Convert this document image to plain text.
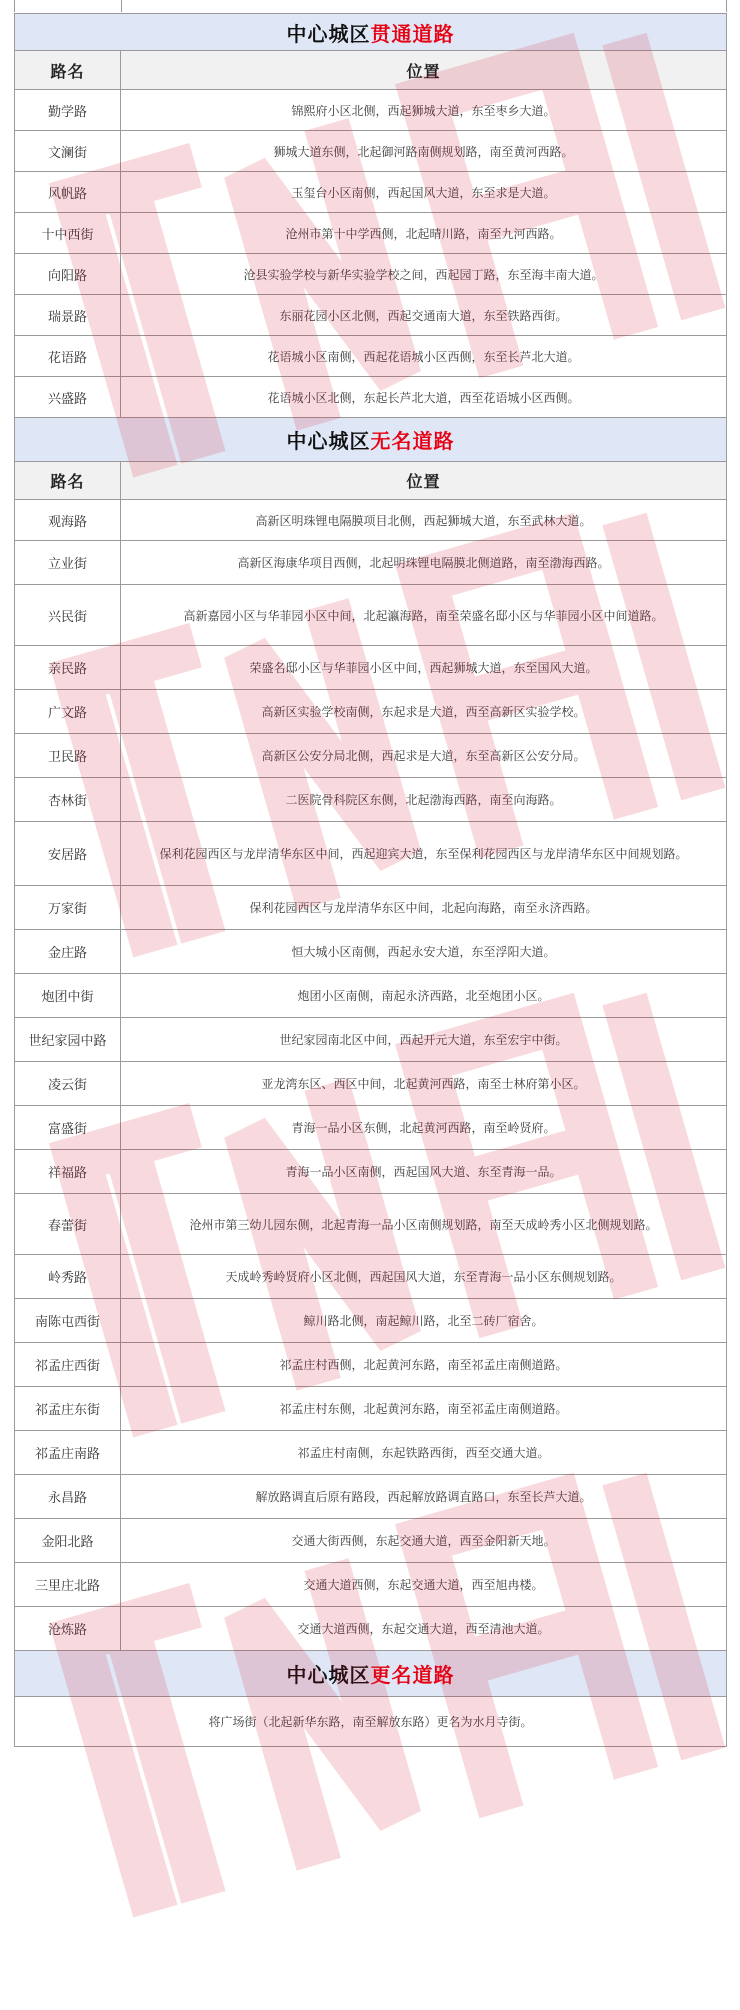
中心城区贯通道路	
路名	位置
勤学路	锦熙府小区北侧，西起狮城大道，东至枣乡大道。
文澜街	狮城大道东侧，北起御河路南侧规划路，南至黄河西路。
风帆路	玉玺台小区南侧，西起国风大道，东至求是大道。
十中西街	沧州市第十中学西侧，北起晴川路，南至九河西路。
向阳路	沧县实验学校与新华实验学校之间，西起园丁路，东至海丰南大道。
瑞景路	东丽花园小区北侧，西起交通南大道，东至铁路西街。
花语路	花语城小区南侧，西起花语城小区西侧，东至长芦北大道。
兴盛路	花语城小区北侧，东起长芦北大道，西至花语城小区西侧。
中心城区无名道路	
路名	位置
观海路	高新区明珠锂电隔膜项目北侧，西起狮城大道，东至武林大道。
立业街	高新区海康华项目西侧，北起明珠锂电隔膜北侧道路，南至渤海西路。
兴民街	高新嘉园小区与华菲园小区中间，北起瀛海路，南至荣盛名邸小区与华菲园小区中间道路。
亲民路	荣盛名邸小区与华菲园小区中间，西起狮城大道，东至国风大道。
广文路	高新区实验学校南侧，东起求是大道，西至高新区实验学校。
卫民路	高新区公安分局北侧，西起求是大道，东至高新区公安分局。
杏林街	二医院骨科院区东侧，北起渤海西路，南至向海路。
安居路	保利花园西区与龙岸清华东区中间，西起迎宾大道，东至保利花园西区与龙岸清华东区中间规划路。
万家街	保利花园西区与龙岸清华东区中间，北起向海路，南至永济西路。
金庄路	恒大城小区南侧，西起永安大道，东至浮阳大道。
炮团中街	炮团小区南侧，南起永济西路，北至炮团小区。
世纪家园中路	世纪家园南北区中间，西起开元大道，东至宏宇中街。
凌云街	亚龙湾东区、西区中间，北起黄河西路，南至士林府第小区。
富盛街	青海一品小区东侧，北起黄河西路，南至岭贤府。
祥福路	青海一品小区南侧，西起国风大道、东至青海一品。
春蕾街	沧州市第三幼儿园东侧，北起青海一品小区南侧规划路，南至天成岭秀小区北侧规划路。
岭秀路	天成岭秀岭贤府小区北侧，西起国风大道，东至青海一品小区东侧规划路。
南陈屯西街	鲸川路北侧，南起鲸川路，北至二砖厂宿舍。
祁孟庄西街	祁孟庄村西侧，北起黄河东路，南至祁孟庄南侧道路。
祁孟庄东街	祁孟庄村东侧，北起黄河东路，南至祁孟庄南侧道路。
祁孟庄南路	祁孟庄村南侧，东起铁路西街，西至交通大道。
永昌路	解放路调直后原有路段，西起解放路调直路口，东至长芦大道。
金阳北路	交通大街西侧，东起交通大道，西至金阳新天地。
三里庄北路	交通大道西侧，东起交通大道，西至旭冉楼。
沧炼路	交通大道西侧，东起交通大道，西至清池大道。
中心城区更名道路	
将广场街（北起新华东路，南至解放东路）更名为水月寺街。	
